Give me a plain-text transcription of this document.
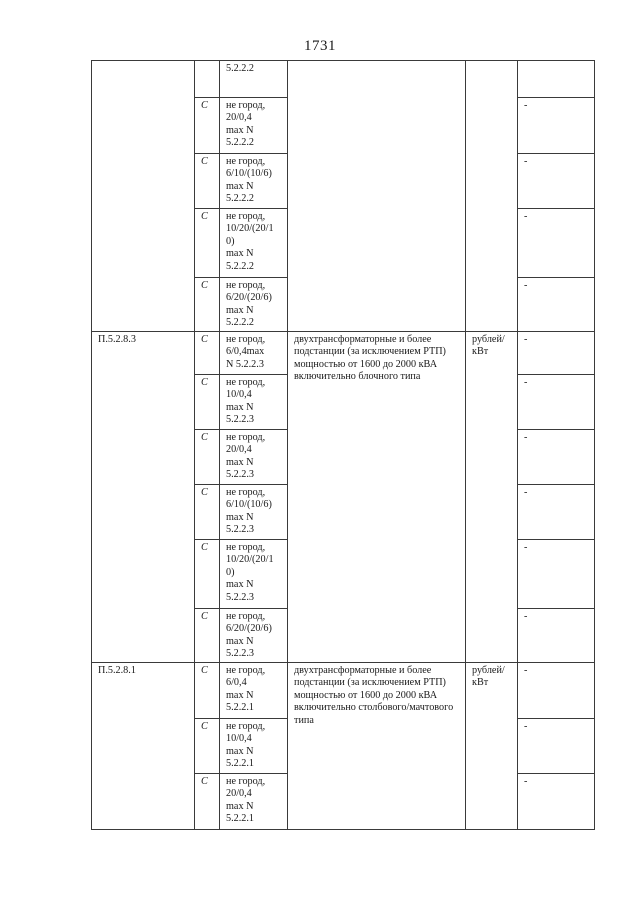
1731
		5.2.2.2			
	C	не город,
20/0,4
max N
5.2.2.2			-
	C	не город,
6/10/(10/6)
max N
5.2.2.2			-
	C	не город,
10/20/(20/1
0)
max N
5.2.2.2			-
	C	не город,
6/20/(20/6)
max N
5.2.2.2			-
П.5.2.8.3	C	не город,
6/0,4max
N 5.2.2.3	двухтрансформаторные и более подстанции (за исключением РТП) мощностью от 1600 до 2000 кВА включительно блочного типа	рублей/
кВт	-
	C	не город,
10/0,4
max N
5.2.2.3			-
	C	не город,
20/0,4
max N
5.2.2.3			-
	C	не город,
6/10/(10/6)
max N
5.2.2.3			-
	C	не город,
10/20/(20/1
0)
max N
5.2.2.3			-
	C	не город,
6/20/(20/6)
max N
5.2.2.3			-
П.5.2.8.1	C	не город,
6/0,4
max N
5.2.2.1	двухтрансформаторные и более подстанции (за исключением РТП) мощностью от 1600 до 2000 кВА включительно столбового/мачтового типа	рублей/
кВт	-
	C	не город,
10/0,4
max N
5.2.2.1			-
	C	не город,
20/0,4
max N
5.2.2.1			-
